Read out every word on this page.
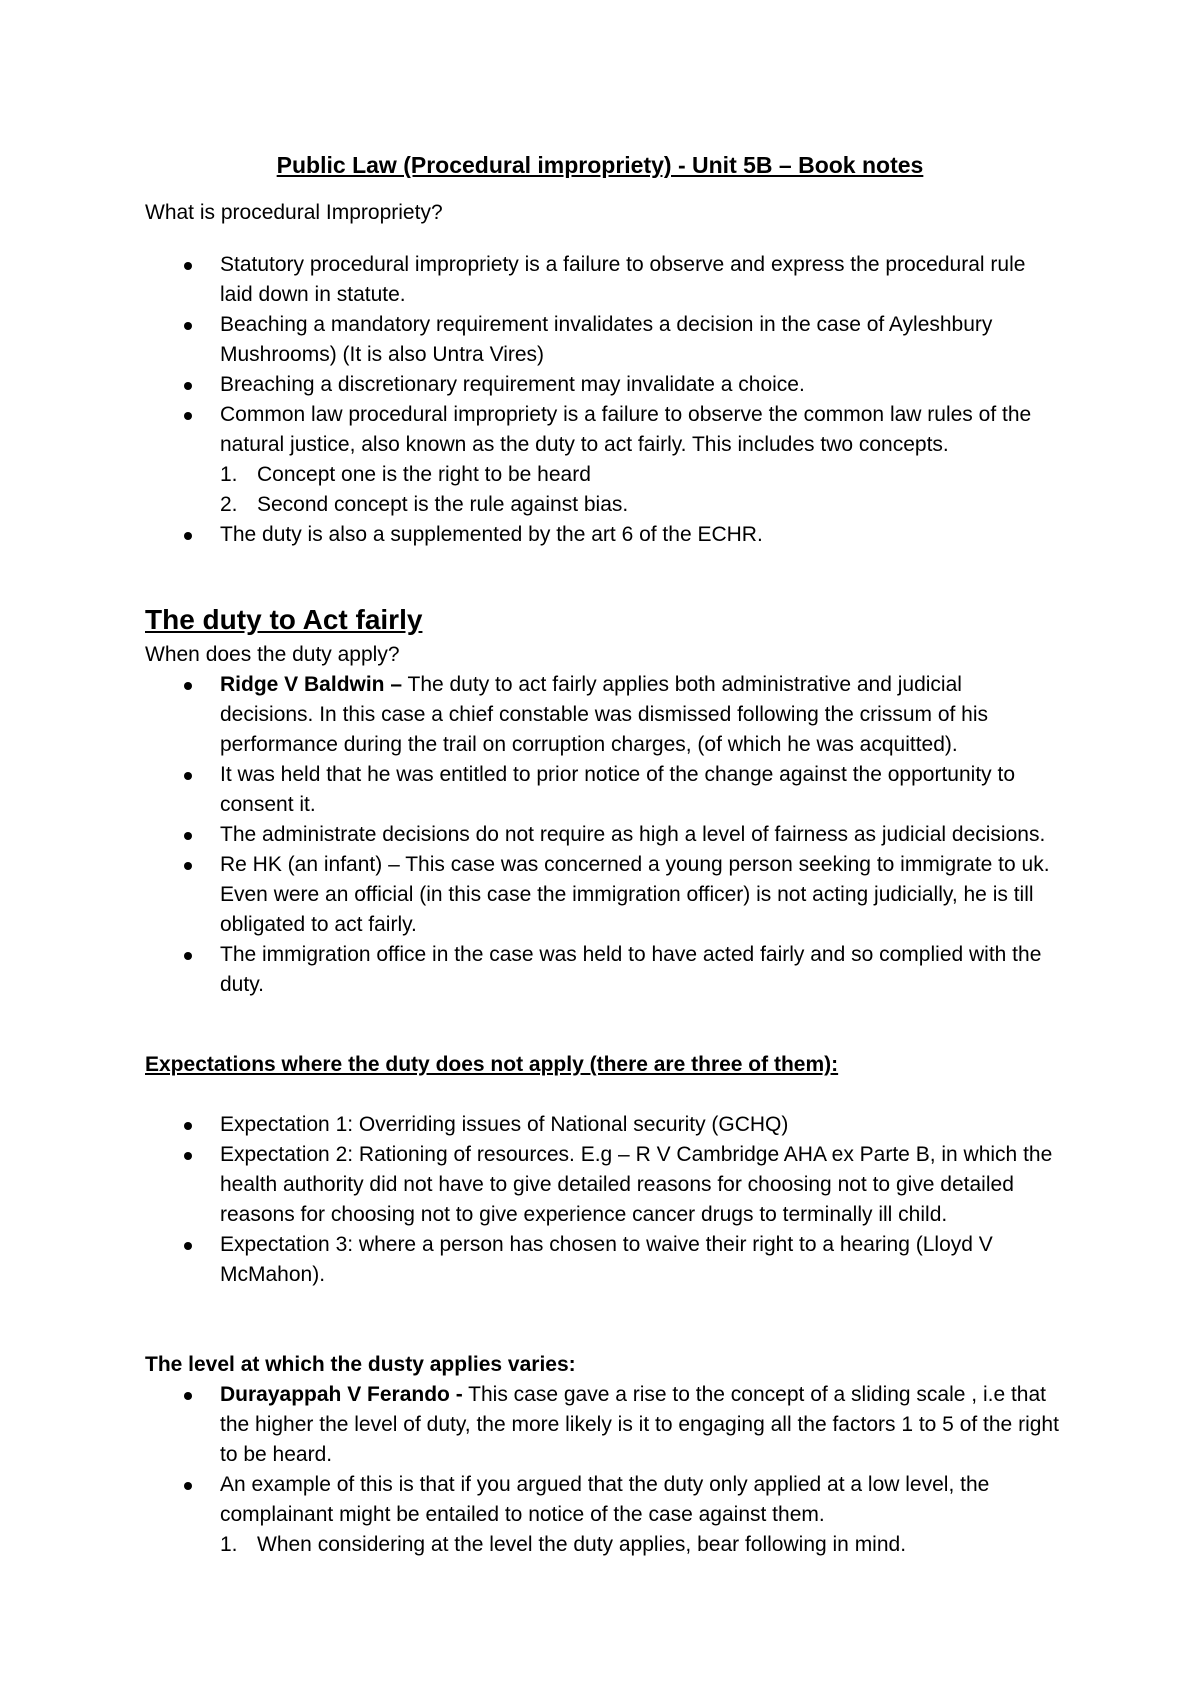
Public Law (Procedural impropriety) - Unit 5B – Book notes

What is procedural Impropriety?

Statutory procedural impropriety is a failure to observe and express the procedural rule laid down in statute.
Beaching a mandatory requirement invalidates a decision in the case of Ayleshbury Mushrooms) (It is also Untra Vires)
Breaching a discretionary requirement may invalidate a choice.
Common law procedural impropriety is a failure to observe the common law rules of the natural justice, also known as the duty to act fairly. This includes two concepts.
1. Concept one is the right to be heard
2. Second concept is the rule against bias.
The duty is also a supplemented by the art 6 of the ECHR.

The duty to Act fairly

When does the duty apply?

Ridge V Baldwin – The duty to act fairly applies both administrative and judicial decisions. In this case a chief constable was dismissed following the crissum of his performance during the trail on corruption charges, (of which he was acquitted).
It was held that he was entitled to prior notice of the change against the opportunity to consent it.
The administrate decisions do not require as high a level of fairness as judicial decisions.
Re HK (an infant) – This case was concerned a young person seeking to immigrate to uk. Even were an official (in this case the immigration officer) is not acting judicially, he is till obligated to act fairly.
The immigration office in the case was held to have acted fairly and so complied with the duty.

Expectations where the duty does not apply (there are three of them):

Expectation 1: Overriding issues of National security (GCHQ)
Expectation 2: Rationing of resources. E.g – R V Cambridge AHA ex Parte B, in which the health authority did not have to give detailed reasons for choosing not to give detailed reasons for choosing not to give experience cancer drugs to terminally ill child.
Expectation 3: where a person has chosen to waive their right to a hearing (Lloyd V McMahon).

The level at which the dusty applies varies:

Durayappah V Ferando - This case gave a rise to the concept of a sliding scale , i.e that the higher the level of duty, the more likely is it to engaging all the factors 1 to 5 of the right to be heard.
An example of this is that if you argued that the duty only applied at a low level, the complainant might be entailed to notice of the case against them.
1. When considering at the level the duty applies, bear following in mind.
